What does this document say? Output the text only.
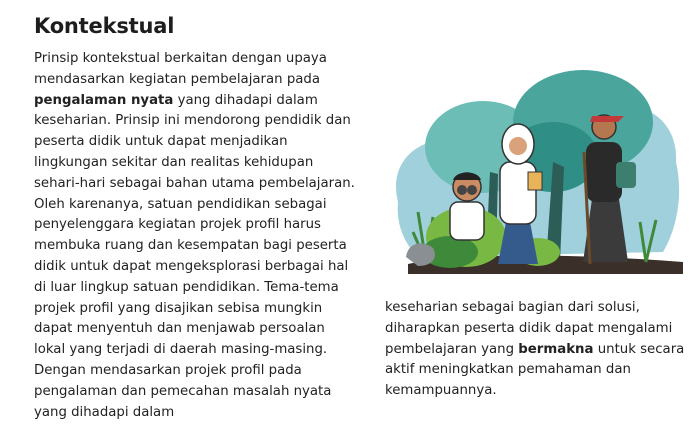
Kontekstual
Prinsip kontekstual berkaitan dengan upaya
mendasarkan kegiatan pembelajaran pada
pengalaman nyata yang dihadapi dalam
keseharian. Prinsip ini mendorong pendidik dan
peserta didik untuk dapat menjadikan
lingkungan sekitar dan realitas kehidupan
sehari-hari sebagai bahan utama pembelajaran.
Oleh karenanya, satuan pendidikan sebagai
penyelenggara kegiatan projek profil harus
membuka ruang dan kesempatan bagi peserta
didik untuk dapat mengeksplorasi berbagai hal
di luar lingkup satuan pendidikan. Tema-tema
projek profil yang disajikan sebisa mungkin
dapat menyentuh dan menjawab persoalan
lokal yang terjadi di daerah masing-masing.
Dengan mendasarkan projek profil pada
pengalaman dan pemecahan masalah nyata
yang dihadapi dalam
keseharian sebagai bagian dari solusi,
diharapkan peserta didik dapat mengalami
pembelajaran yang bermakna untuk secara
aktif meningkatkan pemahaman dan
kemampuannya.
